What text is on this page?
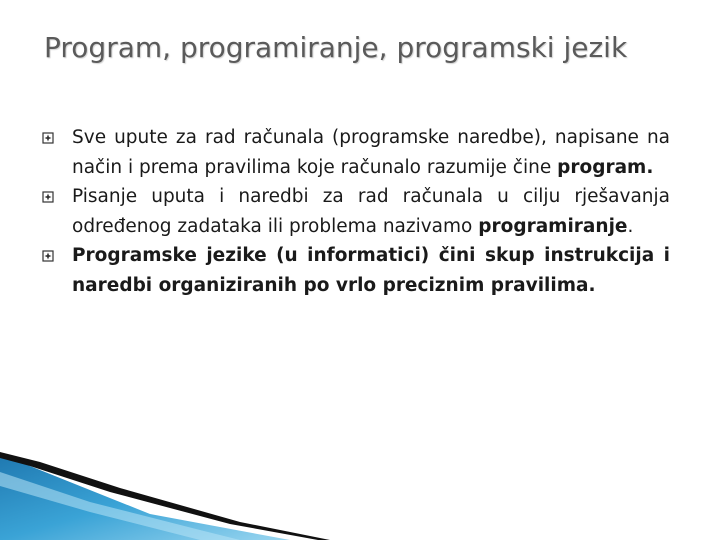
Program, programiranje, programski jezik
Sve upute za rad računala (programske naredbe), napisane na način i prema pravilima koje računalo razumije čine program.
Pisanje uputa i naredbi za rad računala u cilju rješavanja određenog zadataka ili problema nazivamo programiranje.
Programske jezike (u informatici) čini skup instrukcija i naredbi organiziranih po vrlo preciznim pravilima.
